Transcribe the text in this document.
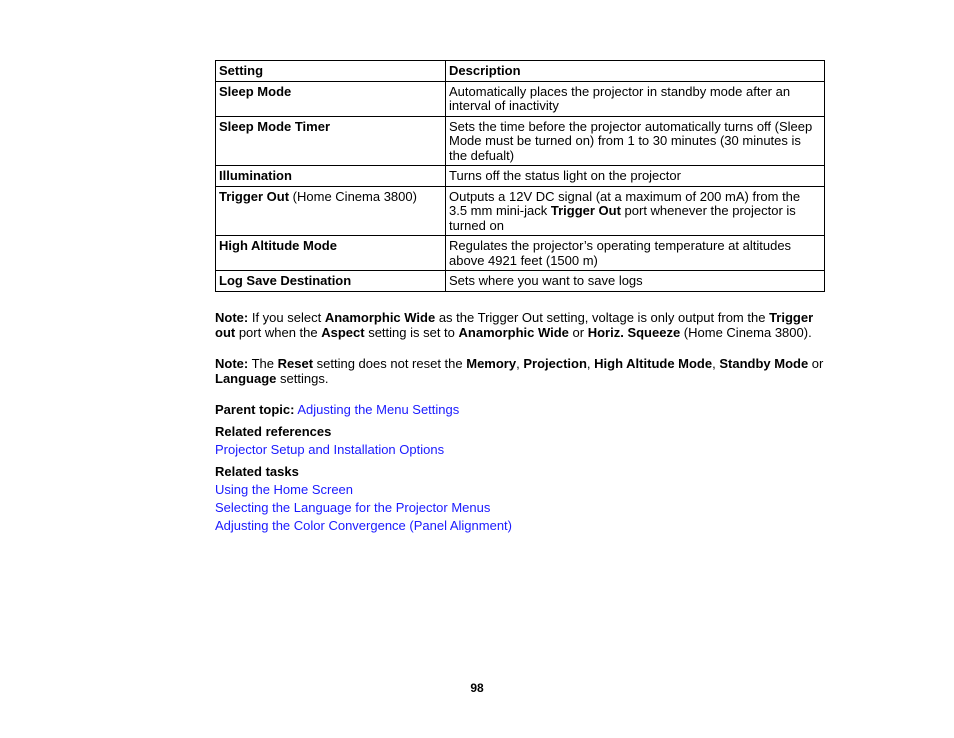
Setting	Description
Sleep Mode	Automatically places the projector in standby mode after an interval of inactivity
Sleep Mode Timer	Sets the time before the projector automatically turns off (Sleep Mode must be turned on) from 1 to 30 minutes (30 minutes is the defualt)
Illumination	Turns off the status light on the projector
Trigger Out (Home Cinema 3800)	Outputs a 12V DC signal (at a maximum of 200 mA) from the 3.5 mm mini-jack Trigger Out port whenever the projector is turned on
High Altitude Mode	Regulates the projector’s operating temperature at altitudes above 4921 feet (1500 m)
Log Save Destination	Sets where you want to save logs

Note: If you select Anamorphic Wide as the Trigger Out setting, voltage is only output from the Trigger out port when the Aspect setting is set to Anamorphic Wide or Horiz. Squeeze (Home Cinema 3800).

Note: The Reset setting does not reset the Memory, Projection, High Altitude Mode, Standby Mode or Language settings.

Parent topic: Adjusting the Menu Settings
Related references
Projector Setup and Installation Options
Related tasks
Using the Home Screen
Selecting the Language for the Projector Menus
Adjusting the Color Convergence (Panel Alignment)
98
